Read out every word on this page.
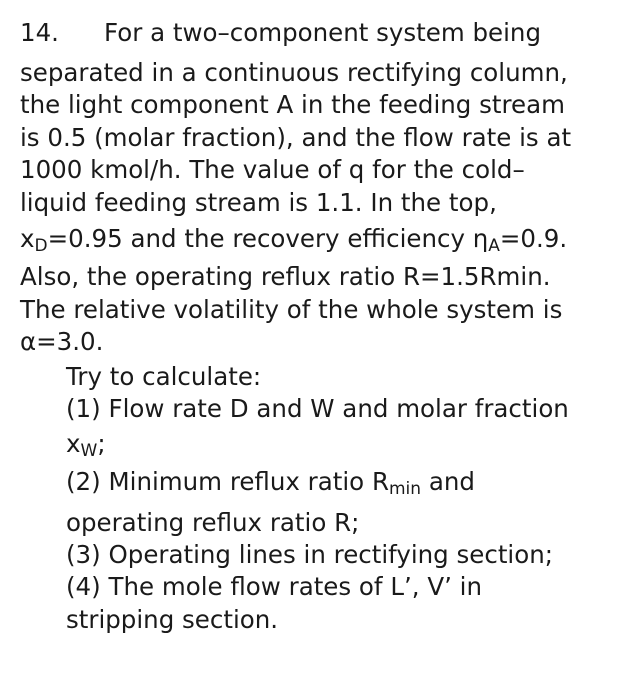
14. For a two–component system being
separated in a continuous rectifying column,
the light component A in the feeding stream
is 0.5 (molar fraction), and the flow rate is at
1000 kmol/h. The value of q for the cold–
liquid feeding stream is 1.1. In the top,
$x_D=0.95$ and the recovery efficiency $\eta_A=0.9$.
Also, the operating reflux ratio R=1.5Rmin.
The relative volatility of the whole system is
α=3.0.
Try to calculate:
(1) Flow rate D and W and molar fraction
$x_W$;
(2) Minimum reflux ratio $R_{min}$ and
operating reflux ratio R;
(3) Operating lines in rectifying section;
(4) The mole flow rates of L’, V’ in
stripping section.
